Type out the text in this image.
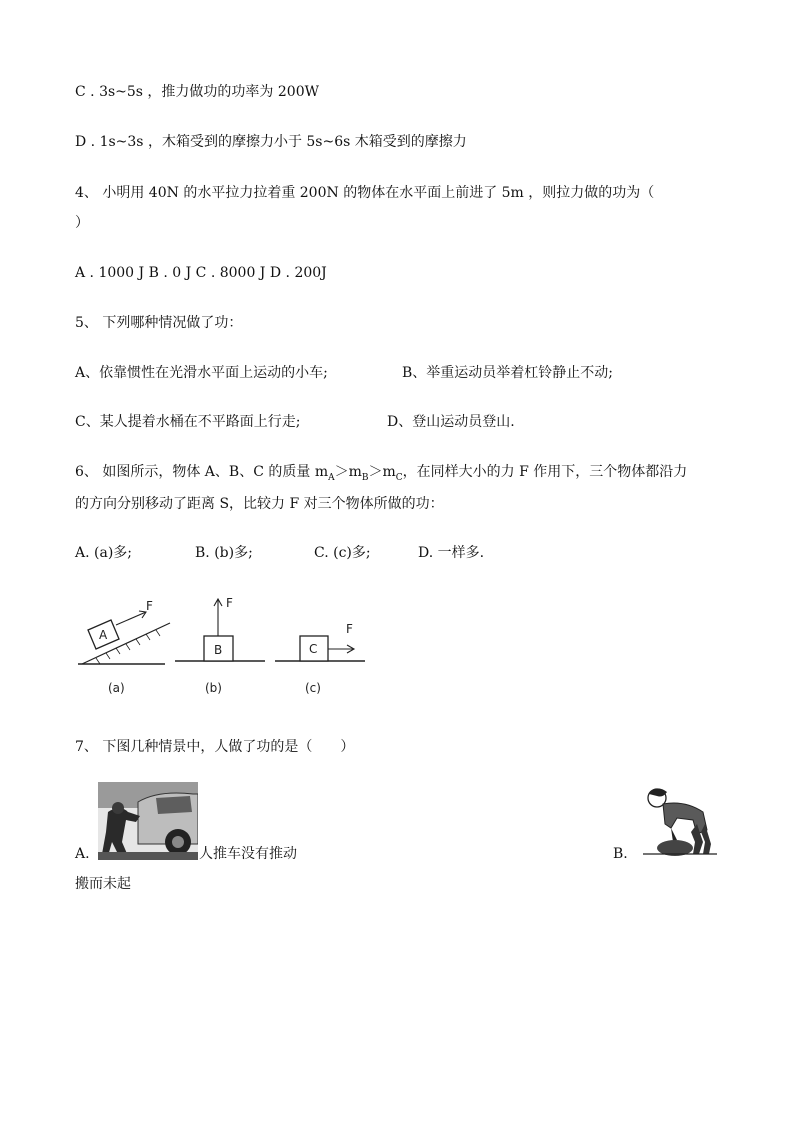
C . 3s~5s ，推力做功的功率为 200W
D . 1s~3s ，木箱受到的摩擦力小于 5s~6s 木箱受到的摩擦力
4、 小明用 40N 的水平拉力拉着重 200N 的物体在水平面上前进了 5m ，则拉力做的功为（
）
A . 1000 J B . 0 J C . 8000 J D . 200J
5、 下列哪种情况做了功：
A、依靠惯性在光滑水平面上运动的小车;	B、举重运动员举着杠铃静止不动;
C、某人提着水桶在不平路面上行走;	D、登山运动员登山.
6、 如图所示，物体 A、B、C 的质量 $m_A>m_B>m_C$，在同样大小的力 F 作用下，三个物体都沿力
的方向分别移动了距离 S，比较力 F 对三个物体所做的功：
A. (a)多;	B. (b)多;	C. (c)多;	D. 一样多.
A
F
(a)
B
F
(b)
C
F
(c)
7、 下图几种情景中，人做了功的是（　　）
A.	人推车没有推动	B.
搬而未起
